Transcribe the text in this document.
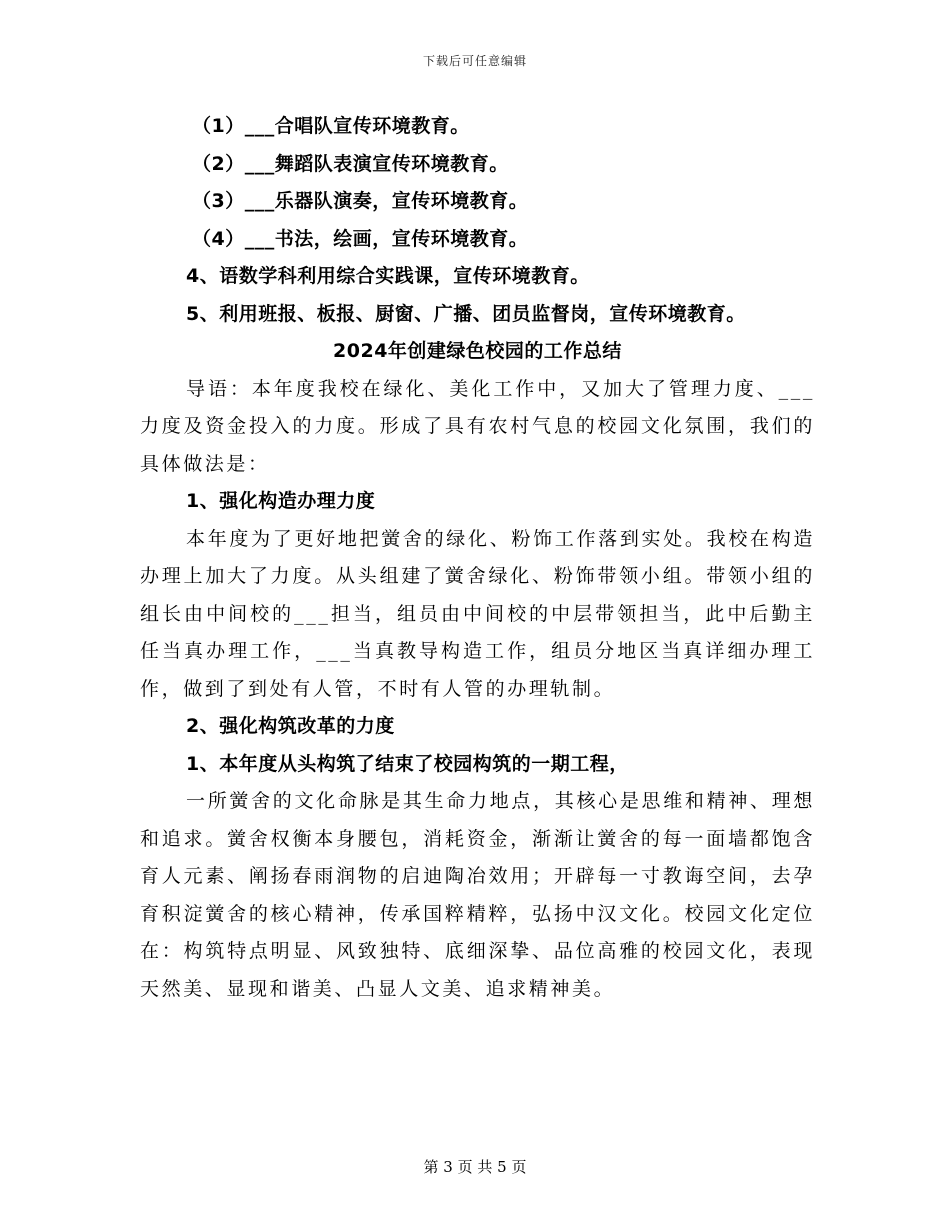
下载后可任意编辑
（1）___合唱队宣传环境教育。
（2）___舞蹈队表演宣传环境教育。
（3）___乐器队演奏，宣传环境教育。
（4）___书法，绘画，宣传环境教育。
4、语数学科利用综合实践课，宣传环境教育。
5、利用班报、板报、厨窗、广播、团员监督岗，宣传环境教育。
2024年创建绿色校园的工作总结
导语：本年度我校在绿化、美化工作中，又加大了管理力度、___力度及资金投入的力度。形成了具有农村气息的校园文化氛围，我们的具体做法是：
1、强化构造办理力度
本年度为了更好地把黉舍的绿化、粉饰工作落到实处。我校在构造办理上加大了力度。从头组建了黉舍绿化、粉饰带领小组。带领小组的组长由中间校的___担当，组员由中间校的中层带领担当，此中后勤主任当真办理工作，___当真教导构造工作，组员分地区当真详细办理工作，做到了到处有人管，不时有人管的办理轨制。
2、强化构筑改革的力度
1、本年度从头构筑了结束了校园构筑的一期工程，
一所黉舍的文化命脉是其生命力地点，其核心是思维和精神、理想和追求。黉舍权衡本身腰包，消耗资金，渐渐让黉舍的每一面墙都饱含育人元素、阐扬春雨润物的启迪陶冶效用；开辟每一寸教诲空间，去孕育积淀黉舍的核心精神，传承国粹精粹，弘扬中汉文化。校园文化定位在：构筑特点明显、风致独特、底细深挚、品位高雅的校园文化，表现天然美、显现和谐美、凸显人文美、追求精神美。
第 3 页 共 5 页
